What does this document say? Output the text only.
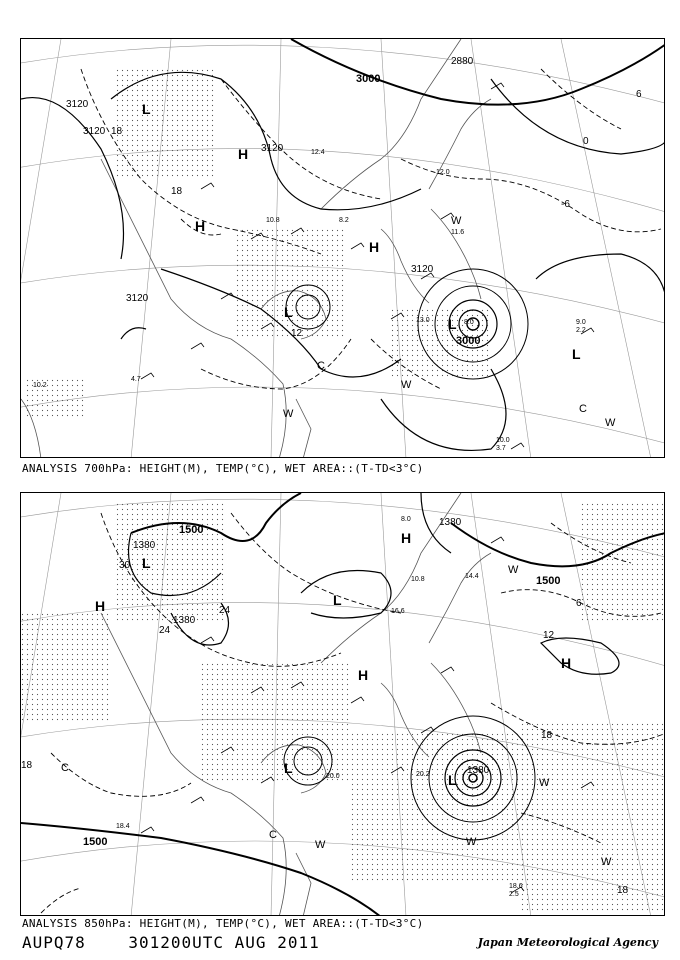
3120
3120
3120
3120
3000
3000
2880
3120
18
18
12
0
6
-6
L
L
H
H
H
L
L
C
W
W	C
W
W
12.4
12.0
10.8	8.2
11.6
8.0
13.0	9.0
2.2
10.0
3.7
10.2
4.7
ANALYSIS 700hPa: HEIGHT(M), TEMP(°C), WET AREA::(T-TD<3°C)
1500
1380
1380
1380
1500
1500
1380
30
24
18
12
6
18
18
24
L
H
H
H
L
H
L
L
C
C
W
W
W
W
W
16.6
10.8	14.4
20.0	20.2
18.6
2.5
18.4
8.0
ANALYSIS 850hPa: HEIGHT(M), TEMP(°C), WET AREA::(T-TD<3°C)
AUPQ78	301200UTC AUG 2011	Japan Meteorological Agency
